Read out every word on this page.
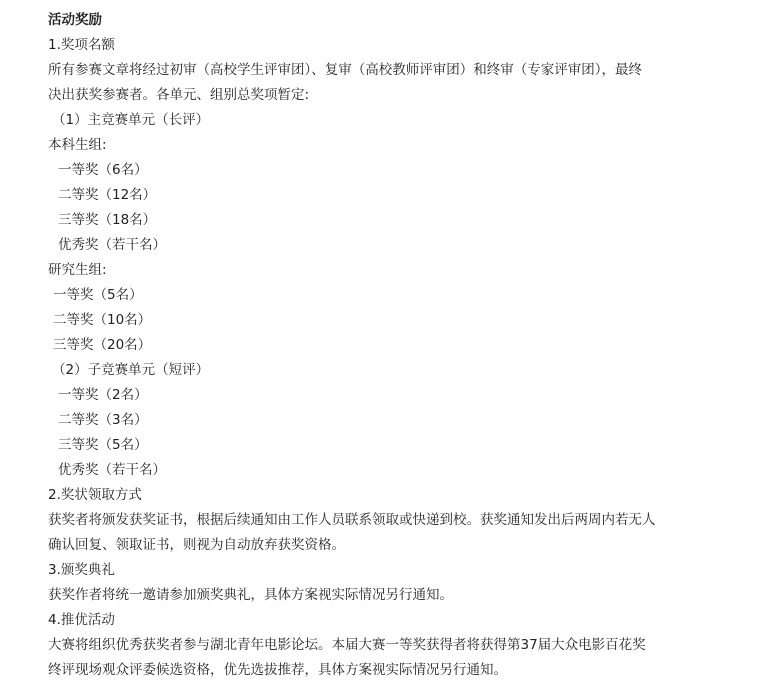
活动奖励
1.奖项名额
所有参赛文章将经过初审（高校学生评审团）、复审（高校教师评审团）和终审（专家评审团），最终
决出获奖参赛者。各单元、组别总奖项暂定:
（1）主竞赛单元（长评）
本科生组:
一等奖（6名）
二等奖（12名）
三等奖（18名）
优秀奖（若干名）
研究生组:
一等奖（5名）
二等奖（10名）
三等奖（20名）
（2）子竞赛单元（短评）
一等奖（2名）
二等奖（3名）
三等奖（5名）
优秀奖（若干名）
2.奖状领取方式
获奖者将颁发获奖证书，根据后续通知由工作人员联系领取或快递到校。获奖通知发出后两周内若无人
确认回复、领取证书，则视为自动放弃获奖资格。
3.颁奖典礼
获奖作者将统一邀请参加颁奖典礼，具体方案视实际情况另行通知。
4.推优活动
大赛将组织优秀获奖者参与湖北青年电影论坛。本届大赛一等奖获得者将获得第37届大众电影百花奖
终评现场观众评委候选资格，优先选拔推荐，具体方案视实际情况另行通知。
